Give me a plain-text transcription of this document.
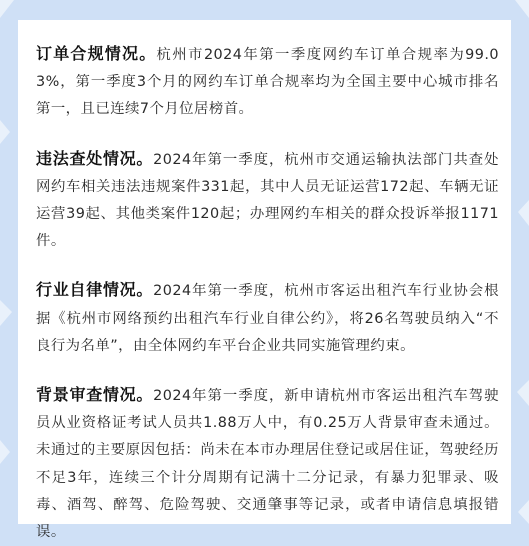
订单合规情况。杭州市2024年第一季度网约车订单合规率为99.03%，第一季度3个月的网约车订单合规率均为全国主要中心城市排名第一，且已连续7个月位居榜首。

违法查处情况。2024年第一季度，杭州市交通运输执法部门共查处网约车相关违法违规案件331起，其中人员无证运营172起、车辆无证运营39起、其他类案件120起；办理网约车相关的群众投诉举报1171件。

行业自律情况。2024年第一季度，杭州市客运出租汽车行业协会根据《杭州市网络预约出租汽车行业自律公约》，将26名驾驶员纳入“不良行为名单”，由全体网约车平台企业共同实施管理约束。

背景审查情况。2024年第一季度，新申请杭州市客运出租汽车驾驶员从业资格证考试人员共1.88万人中，有0.25万人背景审查未通过。未通过的主要原因包括：尚未在本市办理居住登记或居住证，驾驶经历不足3年，连续三个计分周期有记满十二分记录，有暴力犯罪录、吸毒、酒驾、醉驾、危险驾驶、交通肇事等记录，或者申请信息填报错误。
